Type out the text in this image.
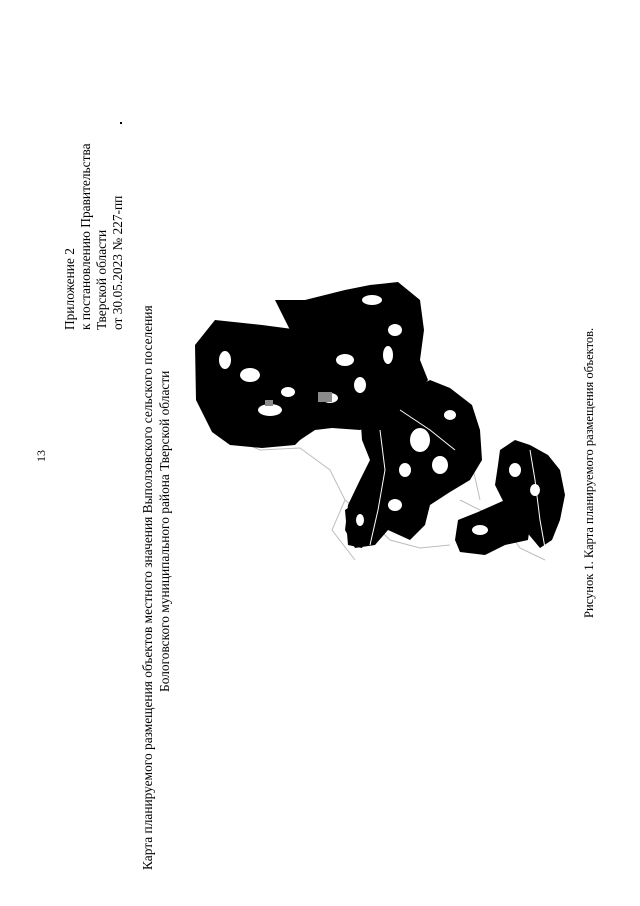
13
Приложение 2 к постановлению Правительства Тверской области от 30.05.2023 № 227-пп
Карта планируемого размещения объектов местного значения Выползовского сельского поселения Бологовского муниципального района Тверской области	Рисунок 1. Карта планируемого размещения объектов.
